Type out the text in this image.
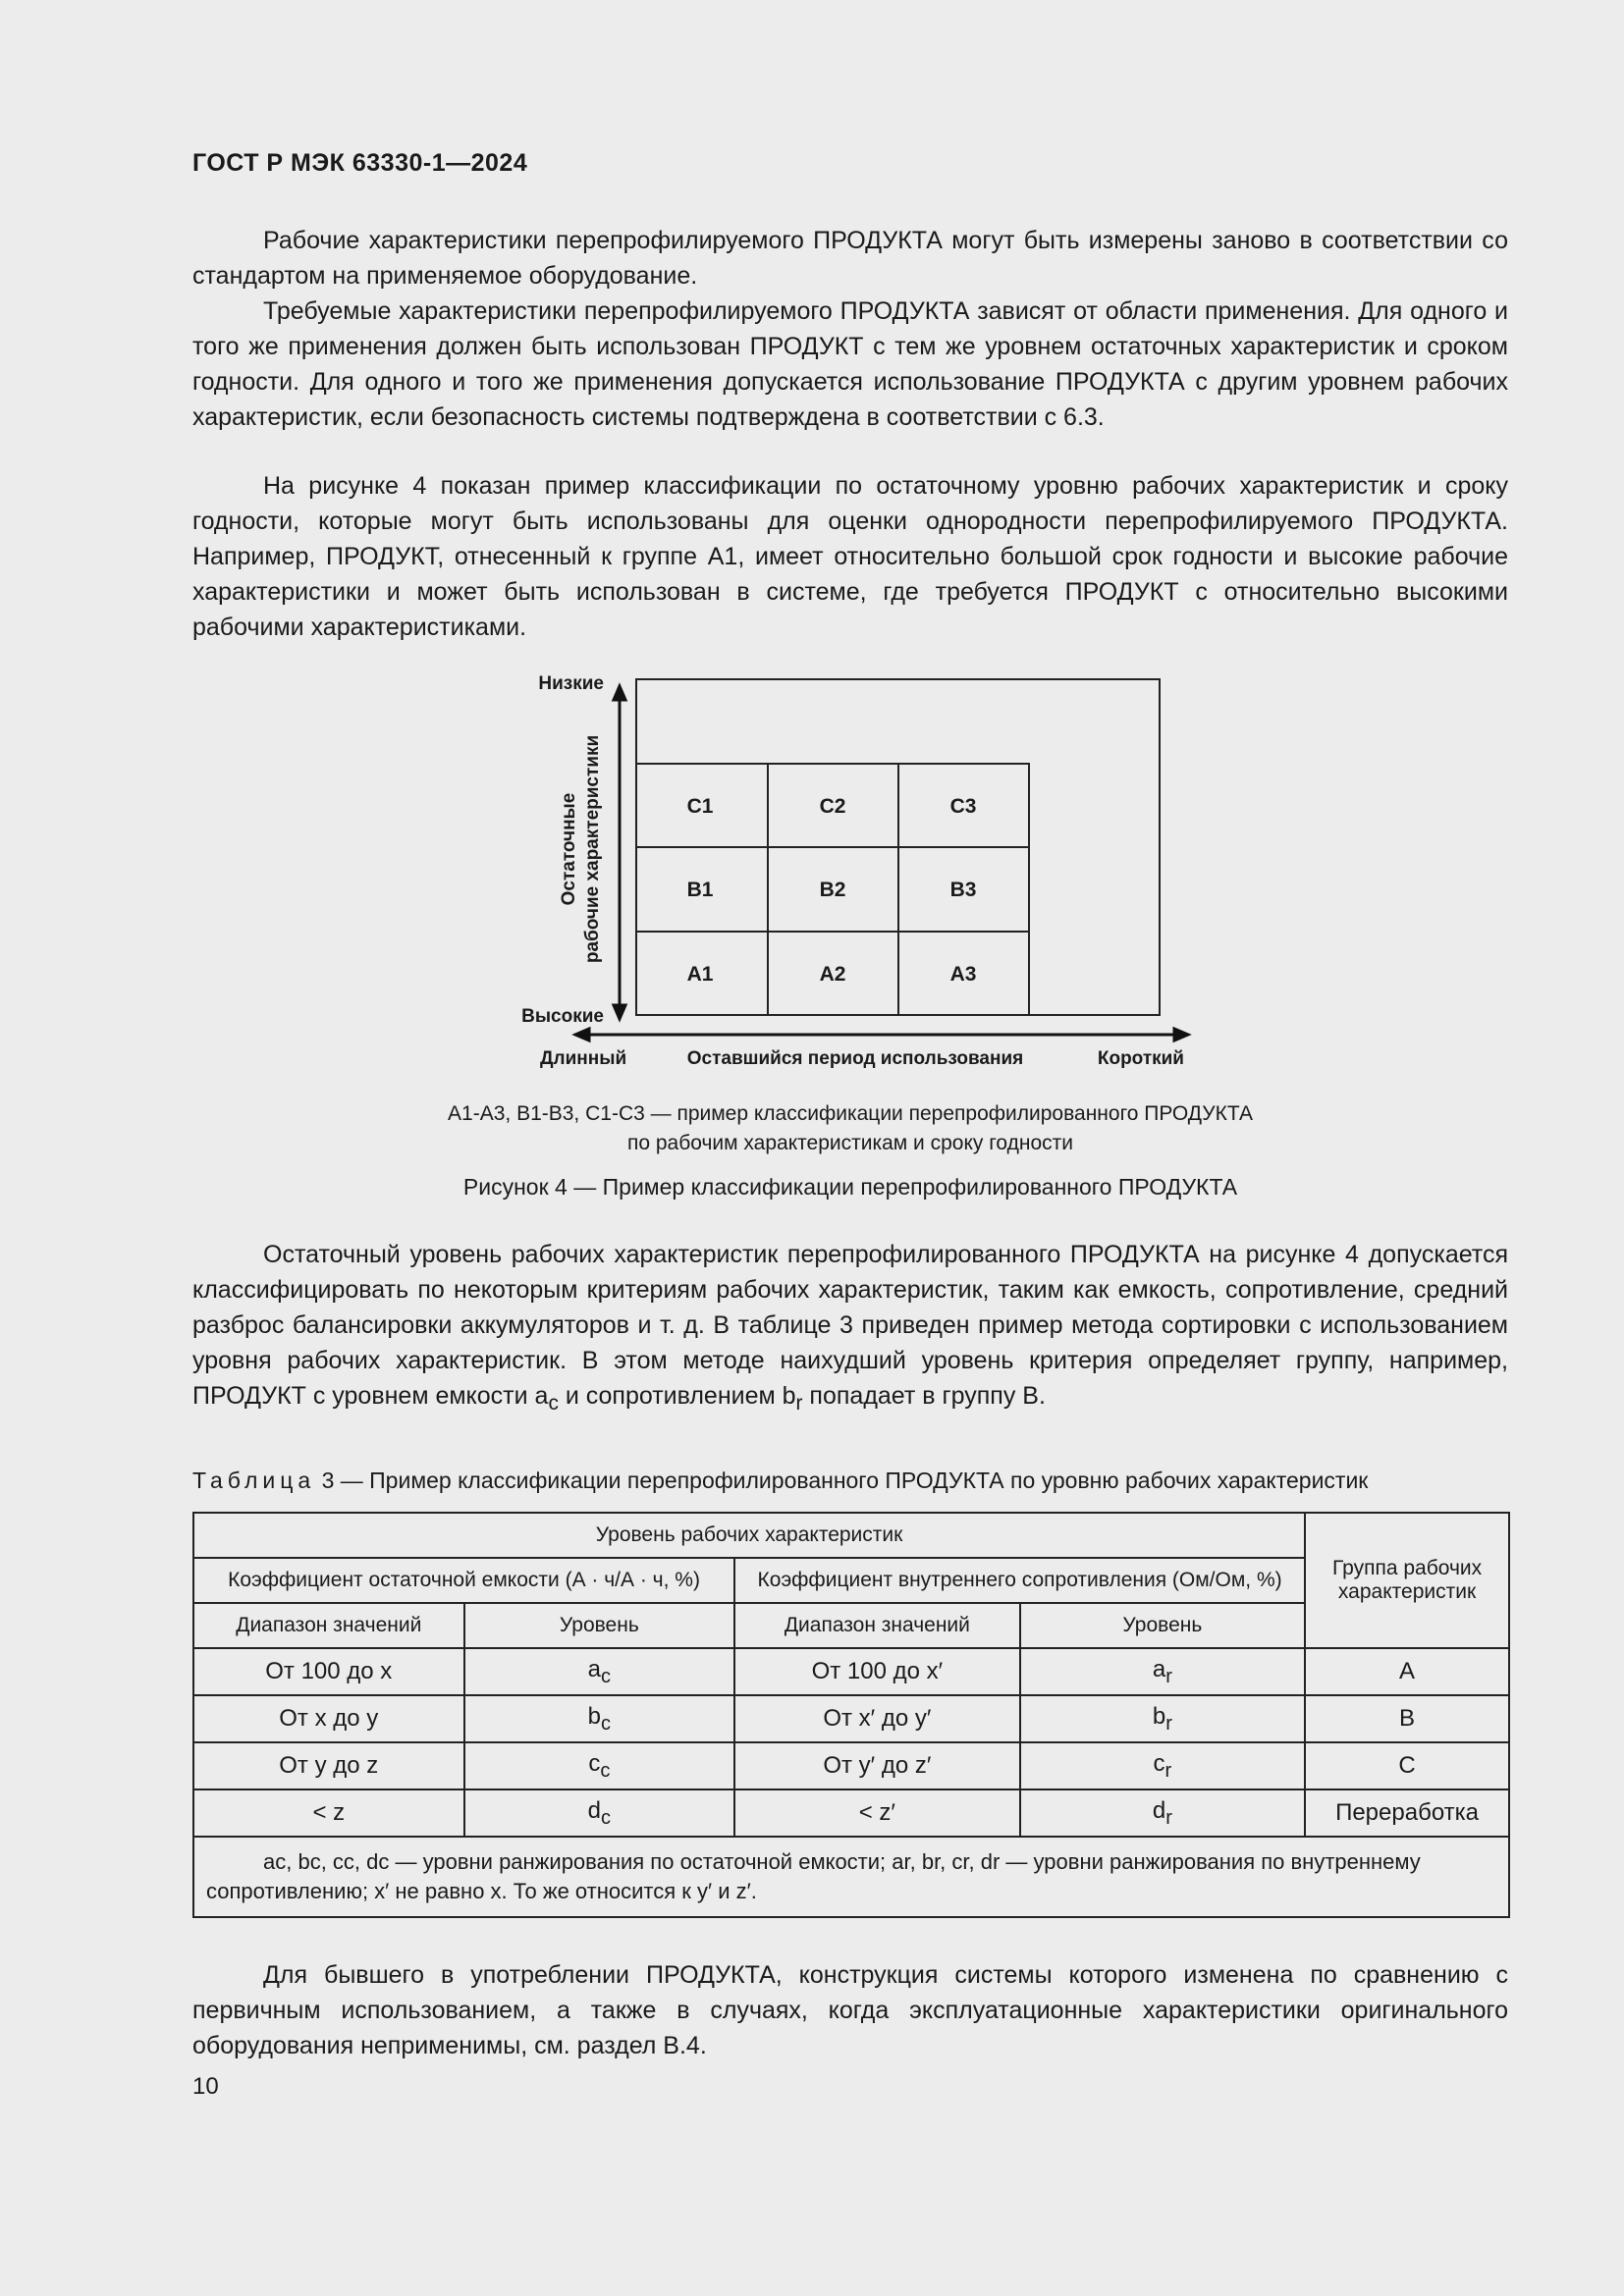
ГОСТ Р МЭК 63330-1—2024

Рабочие характеристики перепрофилируемого ПРОДУКТА могут быть измерены заново в соответствии со стандартом на применяемое оборудование.

Требуемые характеристики перепрофилируемого ПРОДУКТА зависят от области применения. Для одного и того же применения должен быть использован ПРОДУКТ с тем же уровнем остаточных характеристик и сроком годности. Для одного и того же применения допускается использование ПРОДУКТА с другим уровнем рабочих характеристик, если безопасность системы подтверждена в соответствии с 6.3.

На рисунке 4 показан пример классификации по остаточному уровню рабочих характеристик и сроку годности, которые могут быть использованы для оценки однородности перепрофилируемого ПРОДУКТА. Например, ПРОДУКТ, отнесенный к группе А1, имеет относительно большой срок годности и высокие рабочие характеристики и может быть использован в системе, где требуется ПРОДУКТ с относительно высокими рабочими характеристиками.

C1	C2	C3
B1	B2	B3
A1	A2	A3
Низкие
Высокие
Остаточные рабочие характеристики
Длинный	Оставшийся период использования	Короткий
А1-А3, В1-В3, С1-С3 — пример классификации перепрофилированного ПРОДУКТА
по рабочим характеристикам и сроку годности
Рисунок 4 — Пример классификации перепрофилированного ПРОДУКТА

Остаточный уровень рабочих характеристик перепрофилированного ПРОДУКТА на рисунке 4 допускается классифицировать по некоторым критериям рабочих характеристик, таким как емкость, сопротивление, средний разброс балансировки аккумуляторов и т. д. В таблице 3 приведен пример метода сортировки с использованием уровня рабочих характеристик. В этом методе наихудший уровень критерия определяет группу, например, ПРОДУКТ с уровнем емкости $a_c$ и сопротивлением $b_r$ попадает в группу В.

Таблица 3 — Пример классификации перепрофилированного ПРОДУКТА по уровню рабочих характеристик
Уровень рабочих характеристик				Группа рабочих характеристик
Коэффициент остаточной емкости (А · ч/А · ч, %)		Коэффициент внутреннего сопротивления (Ом/Ом, %)		
Диапазон значений	Уровень	Диапазон значений	Уровень	
От 100 до x	$a_c$	От 100 до x′	$a_r$	А
От x до y	$b_c$	От x′ до y′	$b_r$	В
От y до z	$c_c$	От y′ до z′	$c_r$	С
< z	$d_c$	< z′	$d_r$	Переработка
ac, bc, cc, dc — уровни ранжирования по остаточной емкости; ar, br, cr, dr — уровни ранжирования по внутреннему сопротивлению; x′ не равно x. То же относится к y′ и z′.				

Для бывшего в употреблении ПРОДУКТА, конструкция системы которого изменена по сравнению с первичным использованием, а также в случаях, когда эксплуатационные характеристики оригинального оборудования неприменимы, см. раздел В.4.

10
